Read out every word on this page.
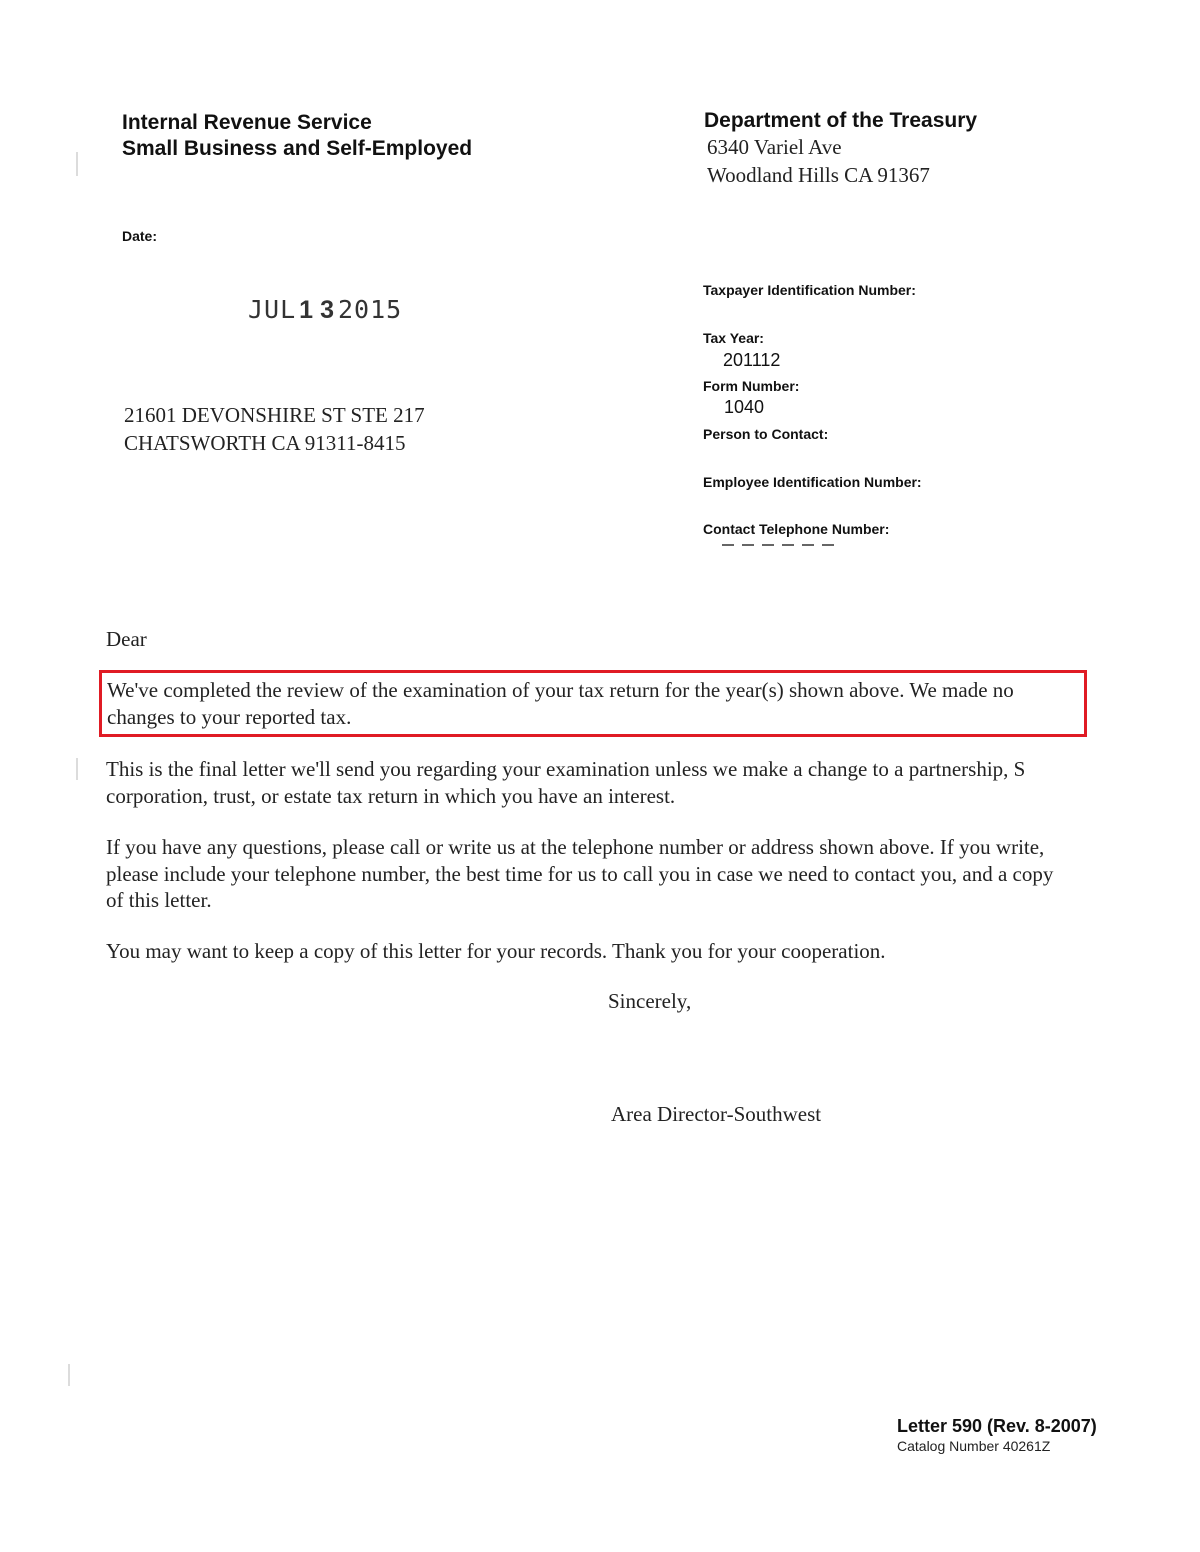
Internal Revenue Service
Small Business and Self-Employed
Department of the Treasury
6340 Variel Ave
Woodland Hills CA 91367
Date:
JUL 1 3 2015
21601 DEVONSHIRE ST STE 217
CHATSWORTH CA 91311-8415
Taxpayer Identification Number:
Tax Year:
201112
Form Number:
1040
Person to Contact:
Employee Identification Number:
Contact Telephone Number:
Dear
We've completed the review of the examination of your tax return for the year(s) shown above. We made no changes to your reported tax.
This is the final letter we'll send you regarding your examination unless we make a change to a partnership, S corporation, trust, or estate tax return in which you have an interest.
If you have any questions, please call or write us at the telephone number or address shown above. If you write, please include your telephone number, the best time for us to call you in case we need to contact you, and a copy of this letter.
You may want to keep a copy of this letter for your records. Thank you for your cooperation.
Sincerely,
Area Director-Southwest
Letter 590 (Rev. 8-2007)
Catalog Number 40261Z
